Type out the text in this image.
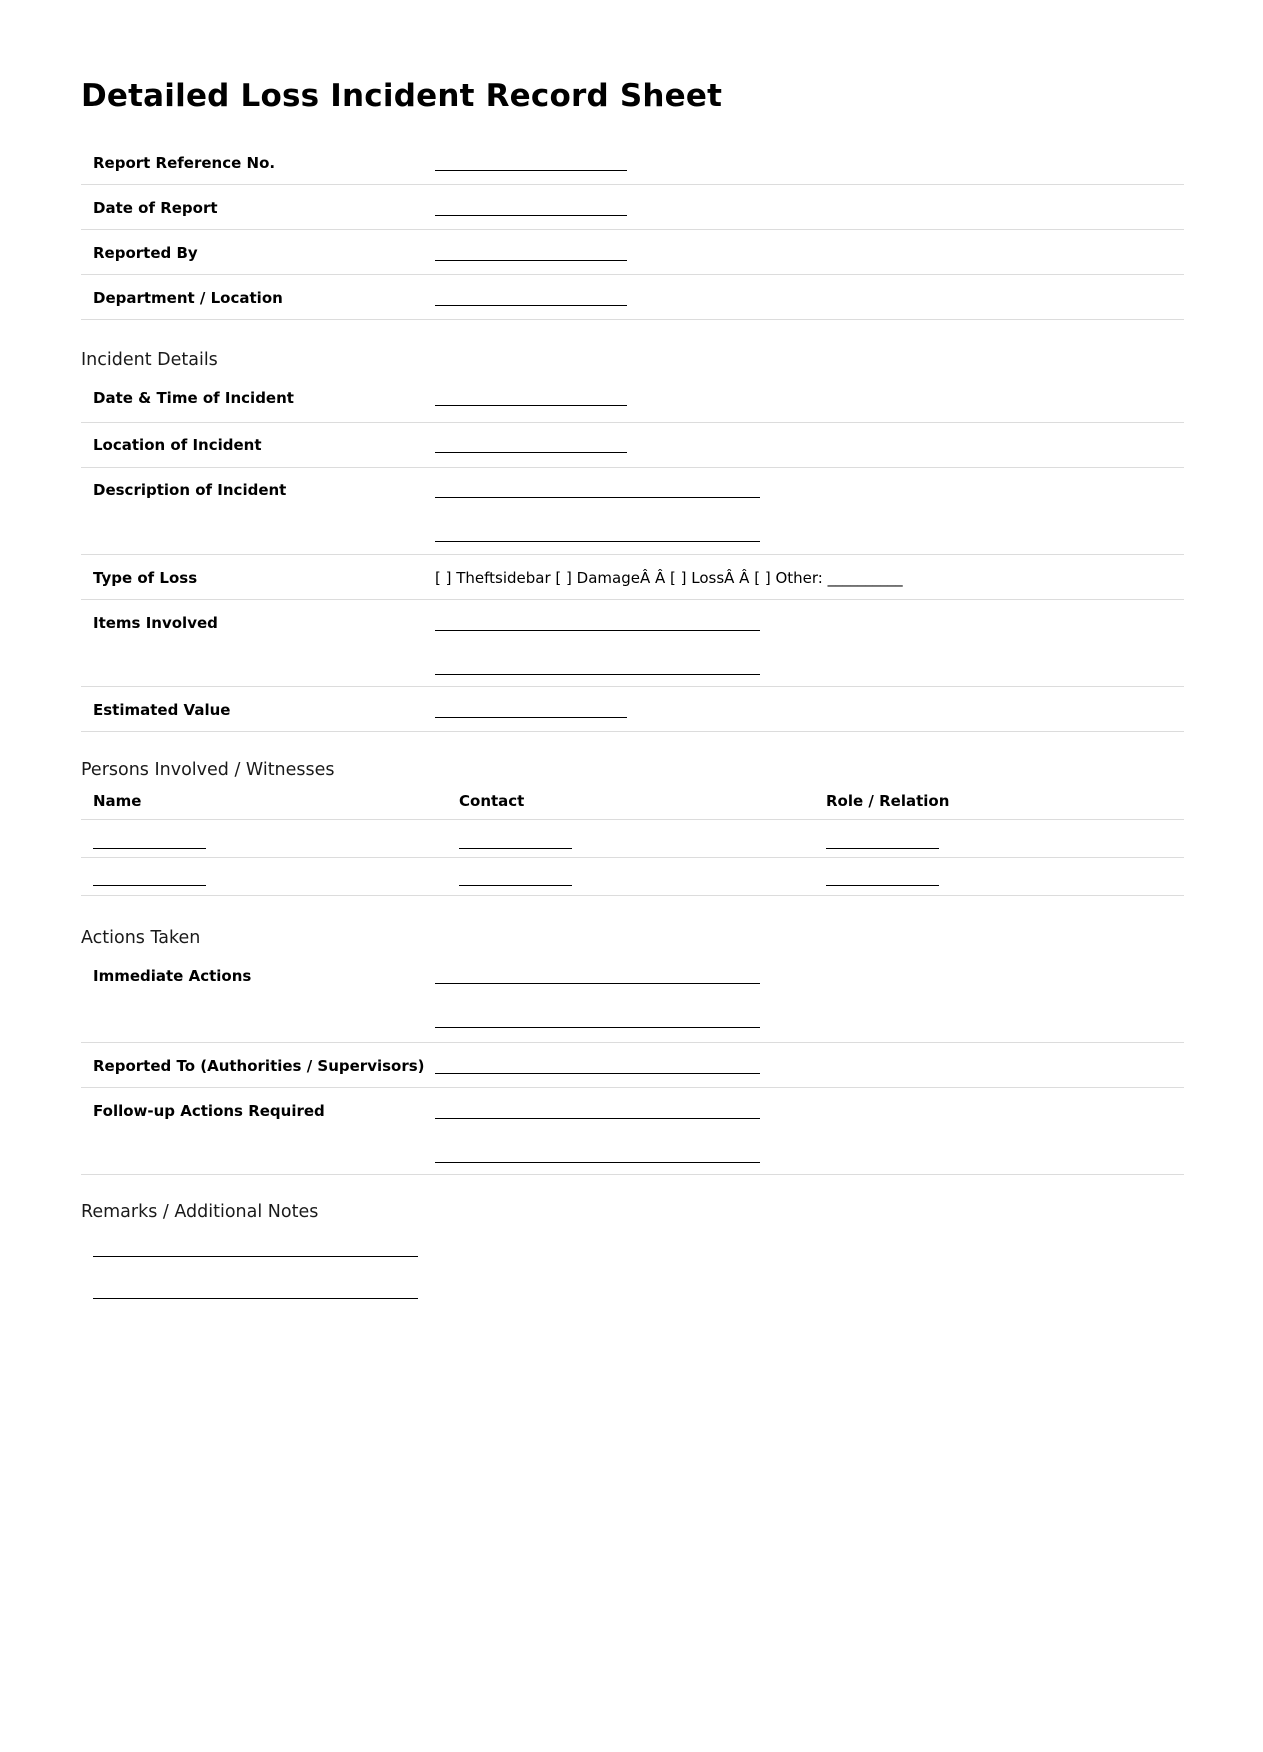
Detailed Loss Incident Record Sheet
Report Reference No.	

Date of Report	

Reported By	

Department / Location	
Incident Details
Date & Time of Incident	

Location of Incident	

Description of Incident	

Type of Loss	[ ] Theftsidebar [ ] DamageÂ Â [ ] LossÂ Â [ ] Other: __________
Items Involved	

Estimated Value	
Persons Involved / Witnesses
Name	Contact	Role / Relation

Actions Taken
Immediate Actions	

Reported To (Authorities / Supervisors)	

Follow-up Actions Required	
Remarks / Additional Notes
